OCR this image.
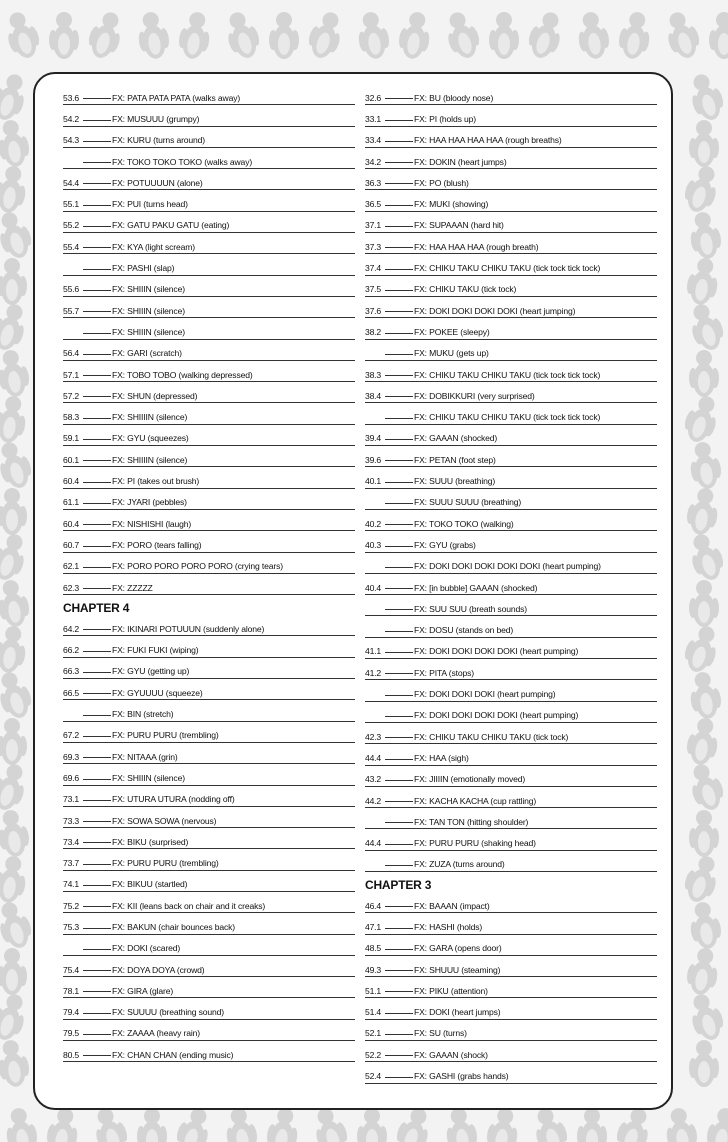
53.6	FX: PATA PATA PATA (walks away)
54.2	FX: MUSUUU (grumpy)
54.3	FX: KURU (turns around)
FX: TOKO TOKO TOKO (walks away)
54.4	FX: POTUUUUN (alone)
55.1	FX: PUI (turns head)
55.2	FX: GATU PAKU GATU (eating)
55.4	FX: KYA (light scream)
FX: PASHI (slap)
55.6	FX: SHIIIN (silence)
55.7	FX: SHIIIN (silence)
FX: SHIIIN (silence)
56.4	FX: GARI (scratch)
57.1	FX: TOBO TOBO (walking depressed)
57.2	FX: SHUN (depressed)
58.3	FX: SHIIIIN (silence)
59.1	FX: GYU (squeezes)
60.1	FX: SHIIIIN (silence)
60.4	FX: PI (takes out brush)
61.1	FX: JYARI (pebbles)
60.4	FX: NISHISHI (laugh)
60.7	FX: PORO (tears falling)
62.1	FX: PORO PORO PORO PORO (crying tears)
62.3	FX: ZZZZZ
CHAPTER 4
64.2	FX: IKINARI POTUUUN (suddenly alone)
66.2	FX: FUKI FUKI (wiping)
66.3	FX: GYU (getting up)
66.5	FX: GYUUUU (squeeze)
FX: BIN (stretch)
67.2	FX: PURU PURU (trembling)
69.3	FX: NITAAA (grin)
69.6	FX: SHIIIN (silence)
73.1	FX: UTURA UTURA (nodding off)
73.3	FX: SOWA SOWA (nervous)
73.4	FX: BIKU (surprised)
73.7	FX: PURU PURU (trembling)
74.1	FX: BIKUU (startled)
75.2	FX: KII (leans back on chair and it creaks)
75.3	FX: BAKUN (chair bounces back)
FX: DOKI (scared)
75.4	FX: DOYA DOYA (crowd)
78.1	FX: GIRA (glare)
79.4	FX: SUUUU (breathing sound)
79.5	FX: ZAAAA (heavy rain)
80.5	FX: CHAN CHAN (ending music)
32.6	FX: BU (bloody nose)
33.1	FX: PI (holds up)
33.4	FX: HAA HAA HAA HAA (rough breaths)
34.2	FX: DOKIN (heart jumps)
36.3	FX: PO (blush)
36.5	FX: MUKI (showing)
37.1	FX: SUPAAAN (hard hit)
37.3	FX: HAA HAA HAA (rough breath)
37.4	FX: CHIKU TAKU CHIKU TAKU (tick tock tick tock)
37.5	FX: CHIKU TAKU (tick tock)
37.6	FX: DOKI DOKI DOKI DOKI (heart jumping)
38.2	FX: POKEE (sleepy)
FX: MUKU (gets up)
38.3	FX: CHIKU TAKU CHIKU TAKU (tick tock tick tock)
38.4	FX: DOBIKKURI (very surprised)
FX: CHIKU TAKU CHIKU TAKU (tick tock tick tock)
39.4	FX: GAAAN (shocked)
39.6	FX: PETAN (foot step)
40.1	FX: SUUU (breathing)
FX: SUUU SUUU (breathing)
40.2	FX: TOKO TOKO (walking)
40.3	FX: GYU (grabs)
FX: DOKI DOKI DOKI DOKI DOKI (heart pumping)
40.4	FX: [in bubble] GAAAN (shocked)
FX: SUU SUU (breath sounds)
FX: DOSU (stands on bed)
41.1	FX: DOKI DOKI DOKI DOKI (heart pumping)
41.2	FX: PITA (stops)
FX: DOKI DOKI DOKI (heart pumping)
FX: DOKI DOKI DOKI DOKI (heart pumping)
42.3	FX: CHIKU TAKU CHIKU TAKU (tick tock)
44.4	FX: HAA (sigh)
43.2	FX: JIIIIN (emotionally moved)
44.2	FX: KACHA KACHA (cup rattling)
FX: TAN TON (hitting shoulder)
44.4	FX: PURU PURU (shaking head)
FX: ZUZA (turns around)
CHAPTER 3
46.4	FX: BAAAN (impact)
47.1	FX: HASHI (holds)
48.5	FX: GARA (opens door)
49.3	FX: SHUUU (steaming)
51.1	FX: PIKU (attention)
51.4	FX: DOKI (heart jumps)
52.1	FX: SU (turns)
52.2	FX: GAAAN (shock)
52.4	FX: GASHI (grabs hands)
